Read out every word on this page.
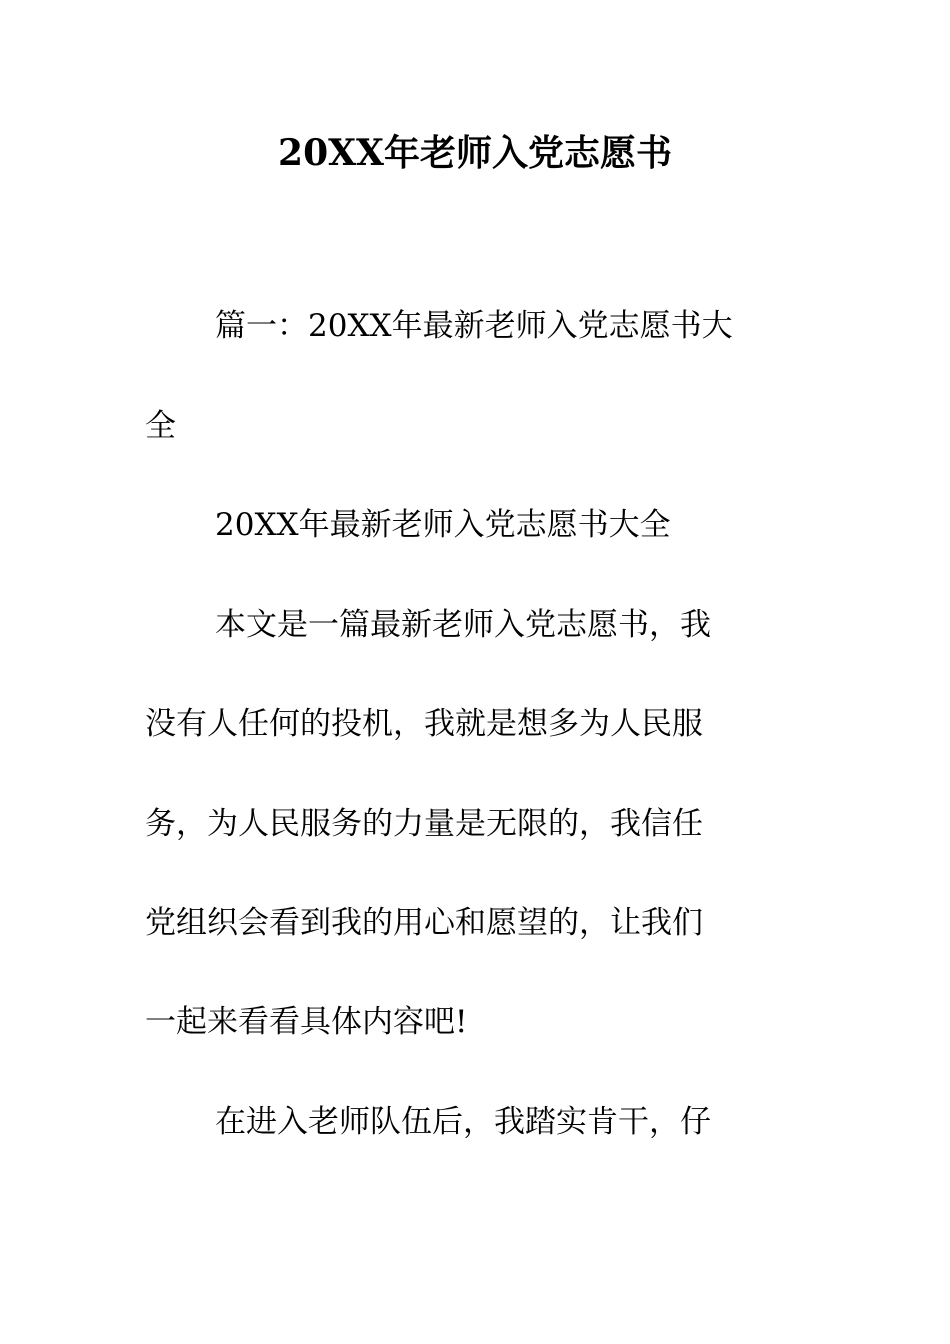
20XX年老师入党志愿书
篇一：20XX年最新老师入党志愿书大
全
20XX年最新老师入党志愿书大全
本文是一篇最新老师入党志愿书，我
没有人任何的投机，我就是想多为人民服
务，为人民服务的力量是无限的，我信任
党组织会看到我的用心和愿望的，让我们
一起来看看具体内容吧!
在进入老师队伍后，我踏实肯干，仔
